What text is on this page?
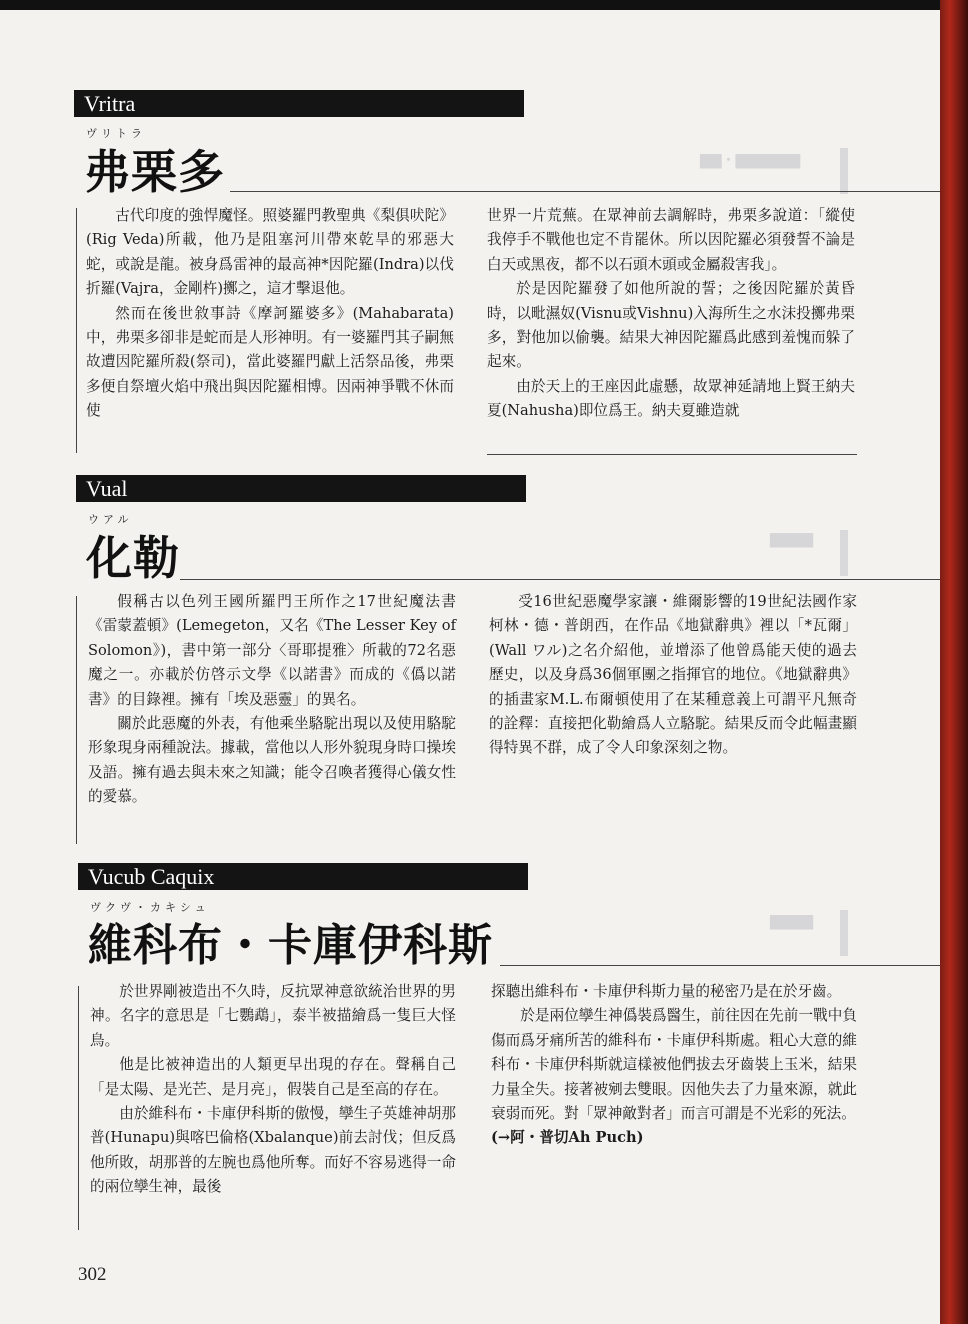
▇▇・▇▇▇▇▇▇
▇▇▇▇
▇▇▇▇
Vritra
ヴリトラ
弗栗多

古代印度的強悍魔怪。照婆羅門教聖典《梨俱吠陀》(Rig Veda)所載，他乃是阻塞河川帶來乾旱的邪惡大蛇，或說是龍。被身爲雷神的最高神*因陀羅(Indra)以伐折羅(Vajra，金剛杵)擲之，這才擊退他。

然而在後世敘事詩《摩訶羅婆多》(Mahabarata)中，弗栗多卻非是蛇而是人形神明。有一婆羅門其子嗣無故遭因陀羅所殺(祭司)，當此婆羅門獻上活祭品後，弗栗多便自祭壇火焰中飛出與因陀羅相博。因兩神爭戰不休而使

世界一片荒蕪。在眾神前去調解時，弗栗多說道：「縱使我停手不戰他也定不肯罷休。所以因陀羅必須發誓不論是白天或黑夜，都不以石頭木頭或金屬殺害我」。

於是因陀羅發了如他所說的誓；之後因陀羅於黃昏時，以毗濕奴(Visnu或Vishnu)入海所生之水沫投擲弗栗多，對他加以偷襲。結果大神因陀羅爲此感到羞愧而躲了起來。

由於天上的王座因此虛懸，故眾神延請地上賢王納夫夏(Nahusha)即位爲王。納夫夏雖造就

Vual
ウアル
化勒

假稱古以色列王國所羅門王所作之17世紀魔法書《雷蒙蓋頓》(Lemegeton，又名《The Lesser Key of Solomon》)，書中第一部分〈哥耶提雅〉所載的72名惡魔之一。亦載於仿啓示文學《以諾書》而成的《僞以諾書》的目錄裡。擁有「埃及惡靈」的異名。

關於此惡魔的外表，有他乘坐駱駝出現以及使用駱駝形象現身兩種說法。據載，當他以人形外貌現身時口操埃及語。擁有過去與未來之知識；能令召喚者獲得心儀女性的愛慕。

受16世紀惡魔學家讓・維爾影響的19世紀法國作家柯林・德・普朗西，在作品《地獄辭典》裡以「*瓦爾」(Wall ワル)之名介紹他，並增添了他曾爲能天使的過去歷史，以及身爲36個軍團之指揮官的地位。《地獄辭典》的插畫家M.L.布爾頓使用了在某種意義上可謂平凡無奇的詮釋：直接把化勒繪爲人立駱駝。結果反而令此幅畫顯得特異不群，成了令人印象深刻之物。

Vucub Caquix
ヴクヴ・カキシュ
維科布・卡庫伊科斯

於世界剛被造出不久時，反抗眾神意欲統治世界的男神。名字的意思是「七鸚鵡」，泰半被描繪爲一隻巨大怪鳥。

他是比被神造出的人類更早出現的存在。聲稱自己「是太陽、是光芒、是月亮」，假裝自己是至高的存在。

由於維科布・卡庫伊科斯的傲慢，孿生子英雄神胡那普(Hunapu)與喀巴倫格(Xbalanque)前去討伐；但反爲他所敗，胡那普的左腕也爲他所奪。而好不容易逃得一命的兩位孿生神，最後

探聽出維科布・卡庫伊科斯力量的秘密乃是在於牙齒。

於是兩位孿生神僞裝爲醫生，前往因在先前一戰中負傷而爲牙痛所苦的維科布・卡庫伊科斯處。粗心大意的維科布・卡庫伊科斯就這樣被他們拔去牙齒裝上玉米，結果力量全失。接著被剜去雙眼。因他失去了力量來源，就此衰弱而死。對「眾神敵對者」而言可謂是不光彩的死法。

(→阿・普切Ah Puch)

302
